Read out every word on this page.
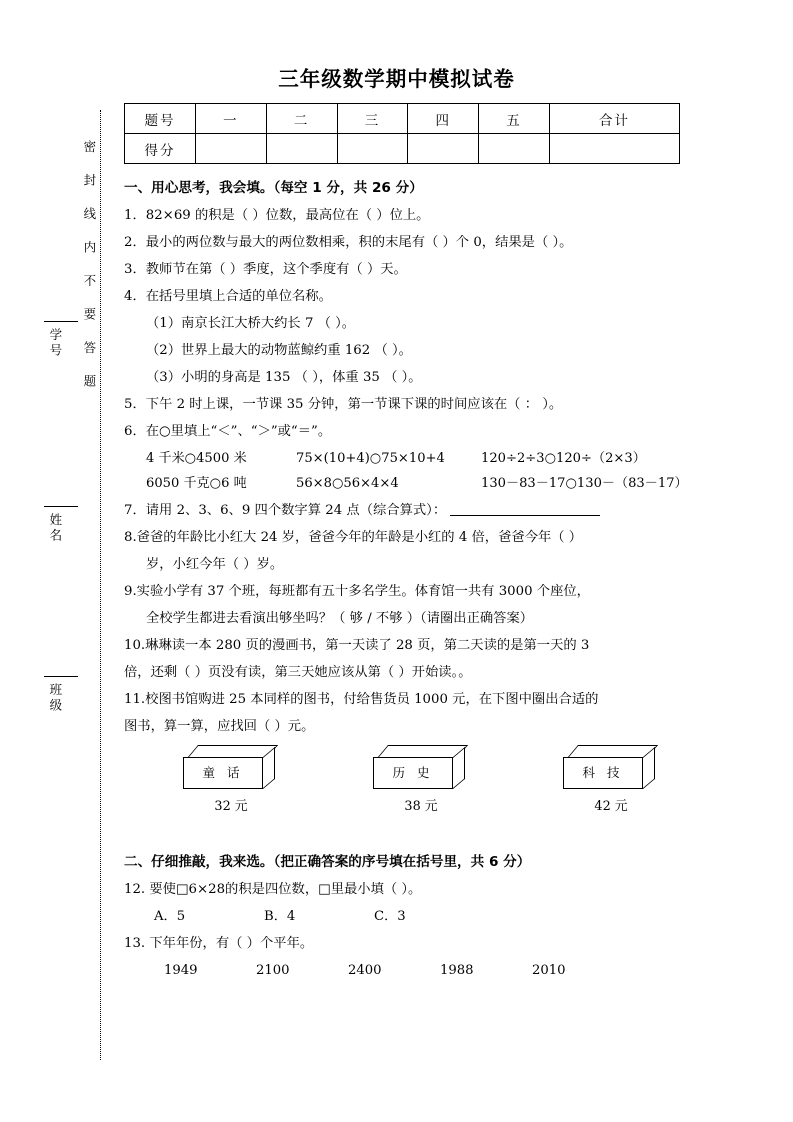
班级
姓名
学号	密 封 线 内 不 要 答 题
三年级数学期中模拟试卷
题号	一	二	三	四	五	合计
得分						
一、用心思考，我会填。（每空 1 分，共 26 分）
1．82×69 的积是（ ）位数，最高位在（ ）位上。
2．最小的两位数与最大的两位数相乘，积的末尾有（ ）个 0，结果是（ ）。
3．教师节在第（ ）季度，这个季度有（ ）天。
4．在括号里填上合适的单位名称。
（1）南京长江大桥大约长 7 （ ）。
（2）世界上最大的动物蓝鲸约重 162 （ ）。
（3）小明的身高是 135 （ ），体重 35 （ ）。
5．下午 2 时上课，一节课 35 分钟，第一节课下课的时间应该在（ ： ）。
6．在○里填上“＜”、“＞”或“＝”。
4 千米○4500 米	75×(10+4)○75×10+4	120÷2÷3○120÷（2×3）
6050 千克○6 吨	56×8○56×4×4	130－83－17○130－（83－17）
7．请用 2、3、6、9 四个数字算 24 点（综合算式）：
8.爸爸的年龄比小红大 24 岁，爸爸今年的年龄是小红的 4 倍，爸爸今年（ ）
岁，小红今年（ ）岁。
9.实验小学有 37 个班，每班都有五十多名学生。体育馆一共有 3000 个座位，
全校学生都进去看演出够坐吗？（ 够 / 不够 ）（请圈出正确答案）
10.琳琳读一本 280 页的漫画书，第一天读了 28 页，第二天读的是第一天的 3
倍，还剩（ ）页没有读，第三天她应该从第（ ）开始读。。
11.校图书馆购进 25 本同样的图书，付给售货员 1000 元，在下图中圈出合适的
图书，算一算，应找回（ ）元。
童 话
32 元
历 史
38 元
科 技
42 元
二、仔细推敲，我来选。（把正确答案的序号填在括号里，共 6 分）
12. 要使□6×28的积是四位数，□里最小填（ ）。
A．5	B．4	C．3
13. 下年年份，有（ ）个平年。
1949	2100	2400	1988	2010
